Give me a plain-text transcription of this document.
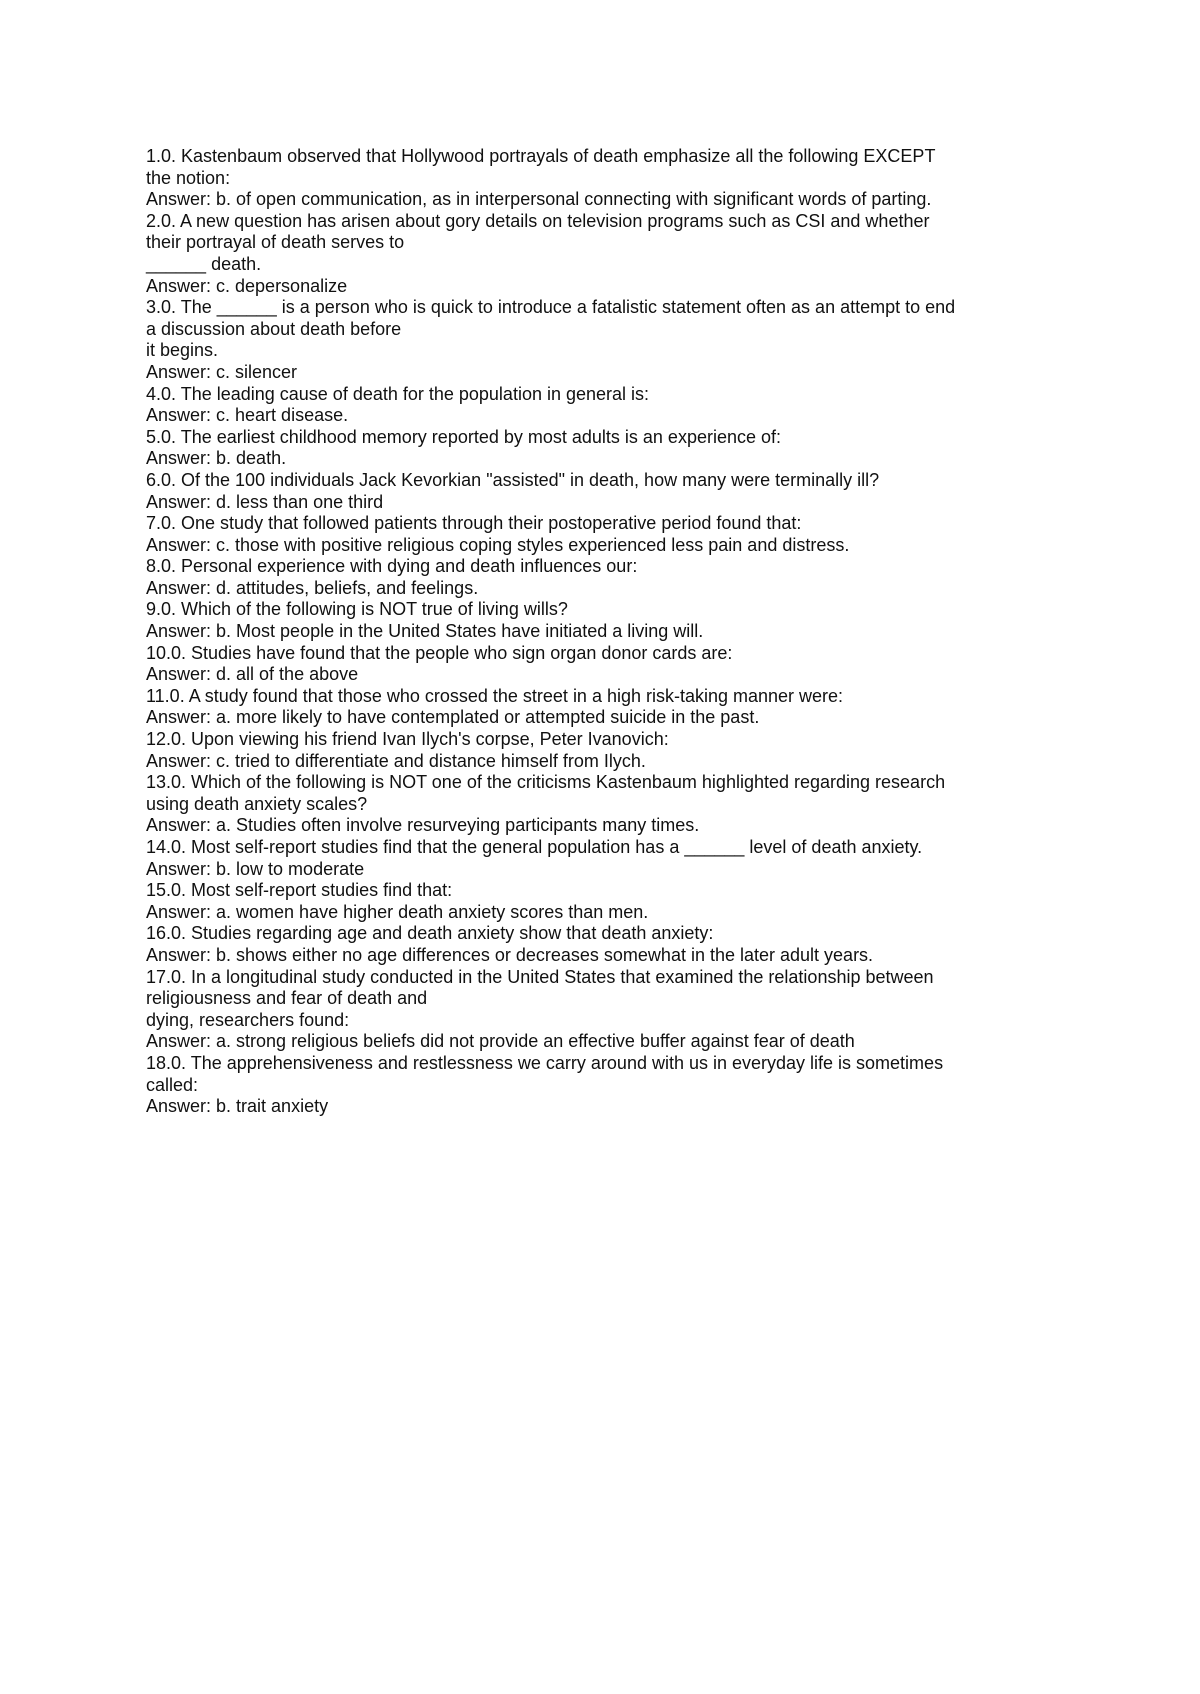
1.0. Kastenbaum observed that Hollywood portrayals of death emphasize all the following EXCEPT
the notion:
Answer: b. of open communication, as in interpersonal connecting with significant words of parting.
2.0. A new question has arisen about gory details on television programs such as CSI and whether
their portrayal of death serves to
______ death.
Answer: c. depersonalize
3.0. The ______ is a person who is quick to introduce a fatalistic statement often as an attempt to end
a discussion about death before
it begins.
Answer: c. silencer
4.0. The leading cause of death for the population in general is:
Answer: c. heart disease.
5.0. The earliest childhood memory reported by most adults is an experience of:
Answer: b. death.
6.0. Of the 100 individuals Jack Kevorkian "assisted" in death, how many were terminally ill?
Answer: d. less than one third
7.0. One study that followed patients through their postoperative period found that:
Answer: c. those with positive religious coping styles experienced less pain and distress.
8.0. Personal experience with dying and death influences our:
Answer: d. attitudes, beliefs, and feelings.
9.0. Which of the following is NOT true of living wills?
Answer: b. Most people in the United States have initiated a living will.
10.0. Studies have found that the people who sign organ donor cards are:
Answer: d. all of the above
11.0. A study found that those who crossed the street in a high risk-taking manner were:
Answer: a. more likely to have contemplated or attempted suicide in the past.
12.0. Upon viewing his friend Ivan Ilych's corpse, Peter Ivanovich:
Answer: c. tried to differentiate and distance himself from Ilych.
13.0. Which of the following is NOT one of the criticisms Kastenbaum highlighted regarding research
using death anxiety scales?
Answer: a. Studies often involve resurveying participants many times.
14.0. Most self-report studies find that the general population has a ______ level of death anxiety.
Answer: b. low to moderate
15.0. Most self-report studies find that:
Answer: a. women have higher death anxiety scores than men.
16.0. Studies regarding age and death anxiety show that death anxiety:
Answer: b. shows either no age differences or decreases somewhat in the later adult years.
17.0. In a longitudinal study conducted in the United States that examined the relationship between
religiousness and fear of death and
dying, researchers found:
Answer: a. strong religious beliefs did not provide an effective buffer against fear of death
18.0. The apprehensiveness and restlessness we carry around with us in everyday life is sometimes
called:
Answer: b. trait anxiety
